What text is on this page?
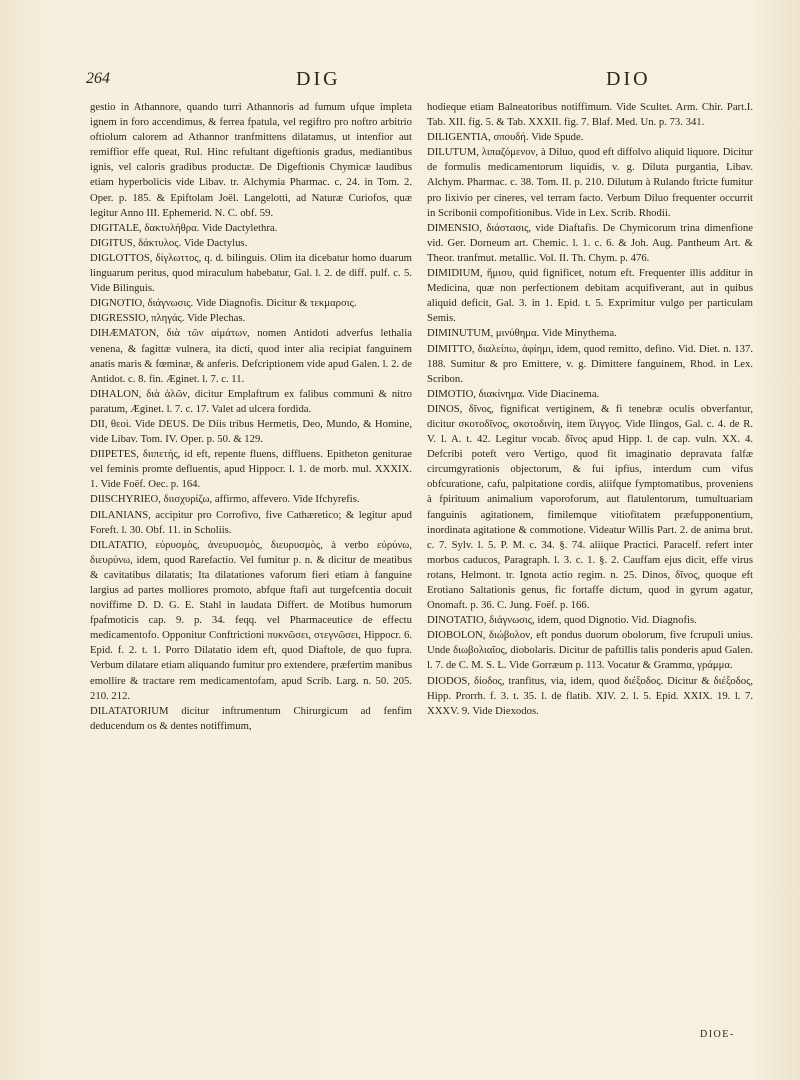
264	DIG	DIO

gestio in Athannore, quando turri Athannoris ad fumum ufque impleta ignem in foro accendimus, & ferrea fpatula, vel regiftro pro noftro arbitrio oftiolum calorem ad Athannor tranfmittens dilatamus, ut intenfior aut remiffior effe queat, Rul. Hinc refultant digeftionis gradus, mediantibus ignis, vel caloris gradibus productæ. De Digeftionis Chymicæ laudibus etiam hyperbolicis vide Libav. tr. Alchymia Pharmac. c. 24. in Tom. 2. Oper. p. 185. & Epiftolam Joël. Langelotti, ad Naturæ Curiofos, quæ legitur Anno III. Ephemerid. N. C. obf. 59.

DIGITALE, δακτυλήθρα. Vide Dactylethra.

DIGITUS, δάκτυλος. Vide Dactylus.

DIGLOTTOS, δίγλωττος, q. d. bilinguis. Olim ita dicebatur homo duarum linguarum peritus, quod miraculum habebatur, Gal. l. 2. de diff. pulf. c. 5. Vide Bilinguis.

DIGNOTIO, διάγνωσις. Vide Diagnofis. Dicitur & τεκμαρσις.

DIGRESSIO, πληγάς. Vide Plechas.

DIHÆMATON, διὰ τῶν αἱμάτων, nomen Antidoti adverfus lethalia venena, & fagittæ vulnera, ita dicti, quod inter alia recipiat fanguinem anatis maris & fœminæ, & anferis. Defcriptionem vide apud Galen. l. 2. de Antidot. c. 8. fin. Æginet. l. 7. c. 11.

DIHALON, διὰ ἁλῶν, dicitur Emplaftrum ex falibus communi & nitro paratum, Æginet. l. 7. c. 17. Valet ad ulcera fordida.

DII, θεοὶ. Vide DEUS. De Diis tribus Hermetis, Deo, Mundo, & Homine, vide Libav. Tom. IV. Oper. p. 50. & 129.

DIIPETES, διιπετής, id eft, repente fluens, diffluens. Epitheton geniturae vel feminis promte defluentis, apud Hippocr. l. 1. de morb. mul. XXXIX. 1. Vide Foëf. Oec. p. 164.

DIISCHYRIEO, διισχυρίζω, affirmo, affevero. Vide Ifchyrefis.

DILANIANS, accipitur pro Corrofivo, five Cathæretico; & legitur apud Foreft. l. 30. Obf. 11. in Scholiis.

DILATATIO, εὐρυσμὸς, ἀνευρυσμὸς, διευρυσμὸς, à verbo εὐρύνω, διευρύνω, idem, quod Rarefactio. Vel fumitur p. n. & dicitur de meatibus & cavitatibus dilatatis; Ita dilatationes vaforum fieri etiam à fanguine largius ad partes molliores promoto, abfque ftafi aut turgefcentia docuit noviffime D. D. G. E. Stahl in laudata Differt. de Motibus humorum fpafmoticis cap. 9. p. 34. feqq. vel Pharmaceutice de effectu medicamentofo. Opponitur Conftrictioni πυκνῶσει, στεγνῶσει, Hippocr. 6. Epid. f. 2. t. 1. Porro Dilatatio idem eft, quod Diaftole, de quo fupra. Verbum dilatare etiam aliquando fumitur pro extendere, præfertim manibus emollire & tractare rem medicamentofam, apud Scrib. Larg. n. 50. 205. 210. 212.

DILATATORIUM dicitur inftrumentum Chirurgicum ad fenfim deducendum os & dentes notiffimum,

hodieque etiam Balneatoribus notiffimum. Vide Scultet. Arm. Chir. Part.I. Tab. XII. fig. 5. & Tab. XXXII. fig. 7. Blaf. Med. Un. p. 73. 341.

DILIGENTIA, σπουδή. Vide Spude.

DILUTUM, λιπαζόμενον, à Diluo, quod eft diffolvo aliquid liquore. Dicitur de formulis medicamentorum liquidis, v. g. Diluta purgantia, Libav. Alchym. Pharmac. c. 38. Tom. II. p. 210. Dilutum à Rulando ftricte fumitur pro lixivio per cineres, vel terram facto. Verbum Diluo frequenter occurrit in Scribonii compofitionibus. Vide in Lex. Scrib. Rhodii.

DIMENSIO, διάστασις, vide Diaftafis. De Chymicorum trina dimenfione vid. Ger. Dorneum art. Chemic. l. 1. c. 6. & Joh. Aug. Pantheum Art. & Theor. tranfmut. metallic. Vol. II. Th. Chym. p. 476.

DIMIDIUM, ἥμισυ, quid fignificet, notum eft. Frequenter illis additur in Medicina, quæ non perfectionem debitam acquifiverant, aut in quibus aliquid deficit, Gal. 3. in 1. Epid. t. 5. Exprimitur vulgo per particulam Semis.

DIMINUTUM, μινύθημα. Vide Minythema.

DIMITTO, διαλείπω, ἀφίημι, idem, quod remitto, defino. Vid. Diet. n. 137. 188. Sumitur & pro Emittere, v. g. Dimittere fanguinem, Rhod. in Lex. Scribon.

DIMOTIO, διακίνημα. Vide Diacinema.

DINOS, δῖνος, fignificat vertiginem, & fi tenebræ oculis obverfantur, dicitur σκοτοδῖνος, σκοτοδινίη, item ἴλιγγος. Vide Ilingos, Gal. c. 4. de R. V. l. A. t. 42. Legitur vocab. δῖνος apud Hipp. l. de cap. vuln. XX. 4. Defcribi poteft vero Vertigo, quod fit imaginatio depravata falfæ circumgyrationis objectorum, & fui ipfius, interdum cum vifus obfcuratione, cafu, palpitatione cordis, aliifque fymptomatibus, proveniens à fpirituum animalium vaporoforum, aut flatulentorum, tumultuariam fanguinis agitationem, fimilemque vitiofitatem præfupponentium, inordinata agitatione & commotione. Videatur Willis Part. 2. de anima brut. c. 7. Sylv. l. 5. P. M. c. 34. §. 74. aliique Practici. Paracelf. refert inter morbos caducos, Paragraph. l. 3. c. 1. §. 2. Cauffam ejus dicit, effe virus rotans, Helmont. tr. Ignota actio regim. n. 25. Dinos, δῖνος, quoque eft Erotiano Saltationis genus, fic fortaffe dictum, quod in gyrum agatur, Onomaft. p. 36. C. Jung. Foëf. p. 166.

DINOTATIO, διάγνωσις, idem, quod Dignotio. Vid. Diagnofis.

DIOBOLON, διώβολον, eft pondus duorum obolorum, five fcrupuli unius. Unde διωβολιαῖος, diobolaris. Dicitur de paftillis talis ponderis apud Galen. l. 7. de C. M. S. L. Vide Gorræum p. 113. Vocatur & Grammα, γράμμα.

DIODOS, δίοδος, tranfitus, via, idem, quod διέξοδος. Dicitur & διέξοδος, Hipp. Prorrh. f. 3. t. 35. l. de flatib. XIV. 2. l. 5. Epid. XXIX. 19. l. 7. XXXV. 9. Vide Diexodos.

DIOE-
